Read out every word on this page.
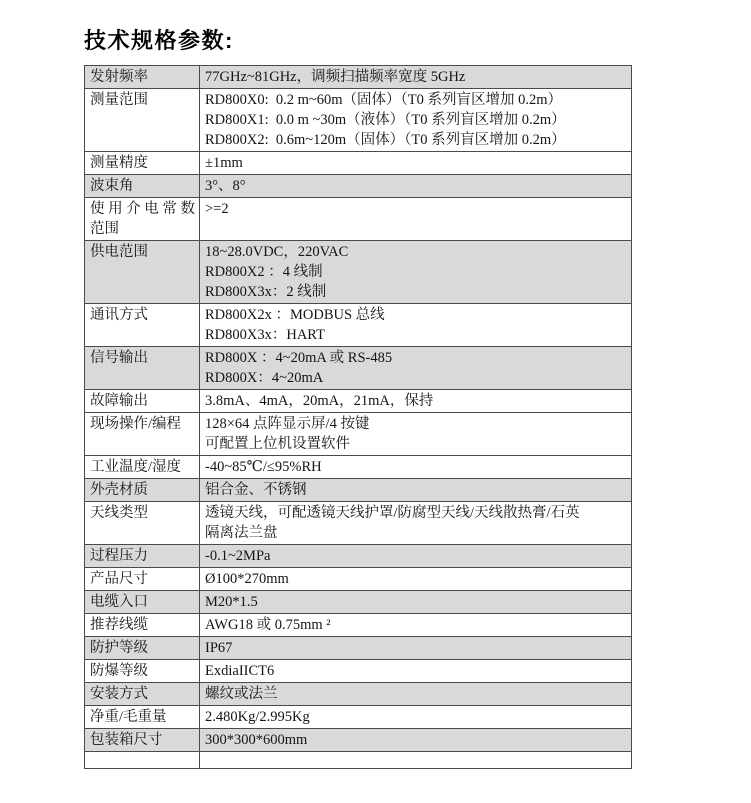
技术规格参数:
发射频率	77GHz~81GHz，调频扫描频率宽度 5GHz

测量范围	RD800X0:  0.2 m~60m（固体）（T0 系列盲区增加 0.2m）
RD800X1:  0.0 m ~30m（液体）（T0 系列盲区增加 0.2m）
RD800X2:  0.6m~120m（固体）（T0 系列盲区增加 0.2m）

测量精度	±1mm

波束角	3°、8°

使用介电常数
范围	>=2

供电范围	18~28.0VDC，220VAC
RD800X2 ：4 线制
RD800X3x：2 线制

通讯方式	RD800X2x ：MODBUS 总线
RD800X3x：HART

信号输出	RD800X ：4~20mA 或 RS-485
RD800X：4~20mA

故障输出	3.8mA、4mA，20mA，21mA，保持

现场操作/编程	128×64 点阵显示屏/4 按键
可配置上位机设置软件

工业温度/湿度	-40~85℃/≤95%RH

外壳材质	铝合金、不锈钢

天线类型	透镜天线，可配透镜天线护罩/防腐型天线/天线散热膏/石英
隔离法兰盘

过程压力	-0.1~2MPa

产品尺寸	Ø100*270mm

电缆入口	M20*1.5

推荐线缆	AWG18 或 0.75mm ²

防护等级	IP67

防爆等级	ExdiaIICT6

安装方式	螺纹或法兰

净重/毛重量	2.480Kg/2.995Kg

包装箱尺寸	300*300*600mm
